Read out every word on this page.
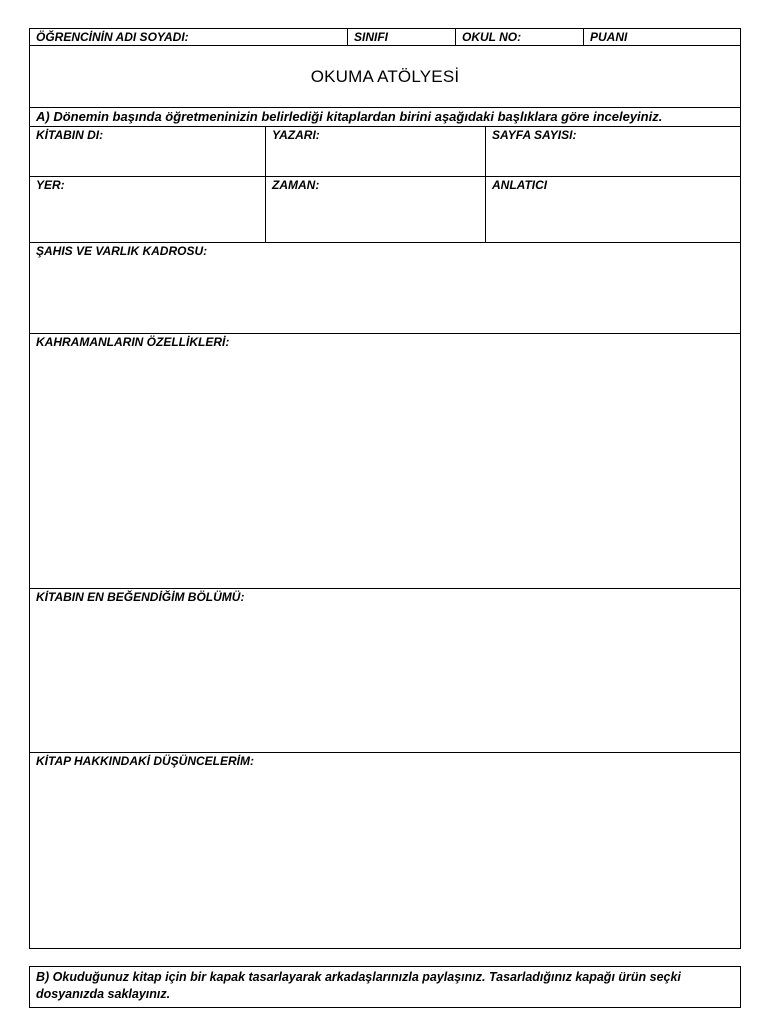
ÖĞRENCİNİN ADI SOYADI:	SINIFI	OKUL NO:	PUANI
OKUMA ATÖLYESİ
A) Dönemin başında öğretmeninizin belirlediği kitaplardan birini aşağıdaki başlıklara göre inceleyiniz.
KİTABIN DI:	YAZARI:	SAYFA SAYISI:
YER:	ZAMAN:	ANLATICI
ŞAHIS VE VARLIK KADROSU:
KAHRAMANLARIN ÖZELLİKLERİ:
KİTABIN EN BEĞENDİĞİM BÖLÜMÜ:
KİTAP HAKKINDAKİ DÜŞÜNCELERİM:
B) Okuduğunuz kitap için bir kapak tasarlayarak arkadaşlarınızla paylaşınız. Tasarladığınız kapağı ürün seçki dosyanızda saklayınız.
